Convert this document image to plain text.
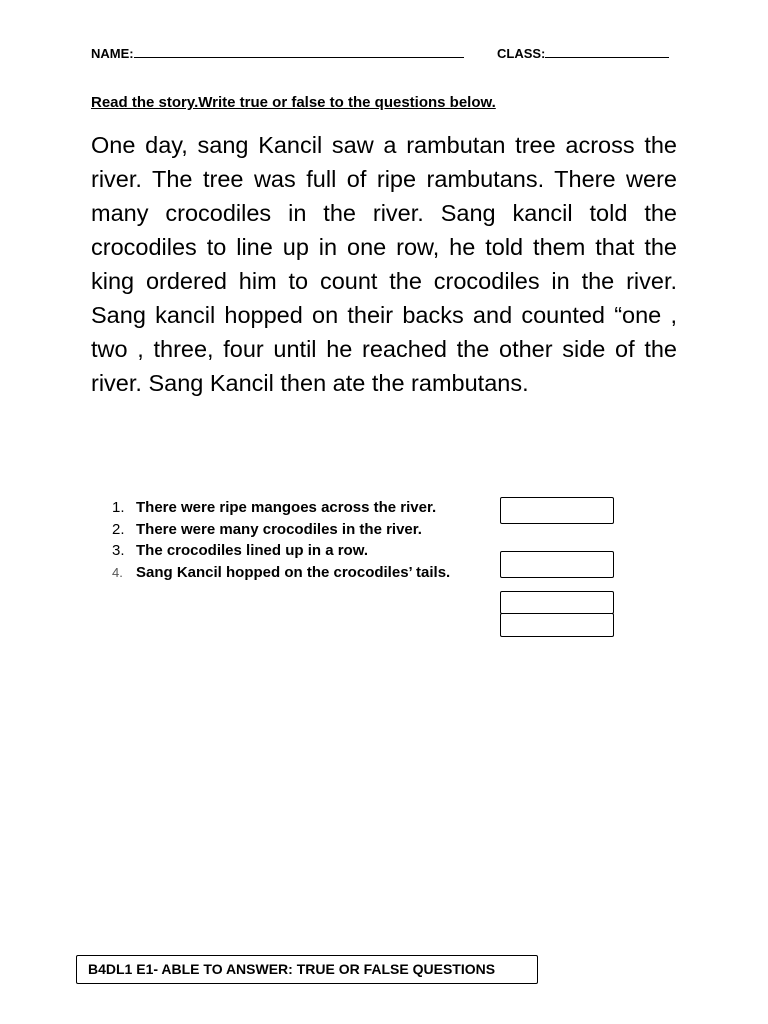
NAME:	CLASS:
Read the story.Write true or false to the questions below.

One day, sang Kancil saw a rambutan tree across the river. The tree was full of ripe rambutans. There were many crocodiles in the river. Sang kancil told the crocodiles to line up in one row, he told them that the king ordered him to count the crocodiles in the river. Sang kancil hopped on their backs and counted “one , two , three, four until he reached the other side of the river. Sang Kancil then ate the rambutans.

1. There were ripe mangoes across the river.
2. There were many crocodiles in the river.
3. The crocodiles lined up in a row.
4. Sang Kancil hopped on the crocodiles’ tails.
B4DL1 E1- ABLE TO ANSWER: TRUE OR FALSE QUESTIONS
